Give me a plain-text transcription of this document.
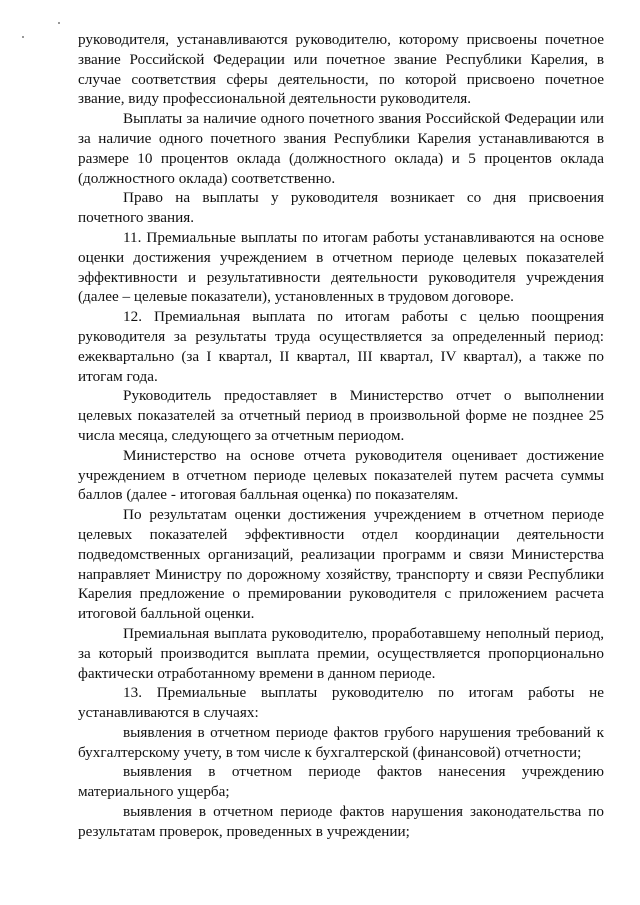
руководителя, устанавливаются руководителю, которому присвоены почетное звание Российской Федерации или почетное звание Республики Карелия, в случае соответствия сферы деятельности, по которой присвоено почетное звание, виду профессиональной деятельности руководителя.

Выплаты за наличие одного почетного звания Российской Федерации или за наличие одного почетного звания Республики Карелия устанавливаются в размере 10 процентов оклада (должностного оклада) и 5 процентов оклада (должностного оклада) соответственно.

Право на выплаты у руководителя возникает со дня присвоения почетного звания.

11. Премиальные выплаты по итогам работы устанавливаются на основе оценки достижения учреждением в отчетном периоде целевых показателей эффективности и результативности деятельности руководителя учреждения (далее – целевые показатели), установленных в трудовом договоре.

12. Премиальная выплата по итогам работы с целью поощрения руководителя за результаты труда осуществляется за определенный период: ежеквартально (за I квартал, II квартал, III квартал, IV квартал), а также по итогам года.

Руководитель предоставляет в Министерство отчет о выполнении целевых показателей за отчетный период в произвольной форме не позднее 25 числа месяца, следующего за отчетным периодом.

Министерство на основе отчета руководителя оценивает достижение учреждением в отчетном периоде целевых показателей путем расчета суммы баллов (далее - итоговая балльная оценка) по показателям.

По результатам оценки достижения учреждением в отчетном периоде целевых показателей эффективности отдел координации деятельности подведомственных организаций, реализации программ и связи Министерства направляет Министру по дорожному хозяйству, транспорту и связи Республики Карелия предложение о премировании руководителя с приложением расчета итоговой балльной оценки.

Премиальная выплата руководителю, проработавшему неполный период, за который производится выплата премии, осуществляется пропорционально фактически отработанному времени в данном периоде.

13. Премиальные выплаты руководителю по итогам работы не устанавливаются в случаях:

выявления в отчетном периоде фактов грубого нарушения требований к бухгалтерскому учету, в том числе к бухгалтерской (финансовой) отчетности;

выявления в отчетном периоде фактов нанесения учреждению материального ущерба;

выявления в отчетном периоде фактов нарушения законодательства по результатам проверок, проведенных в учреждении;
